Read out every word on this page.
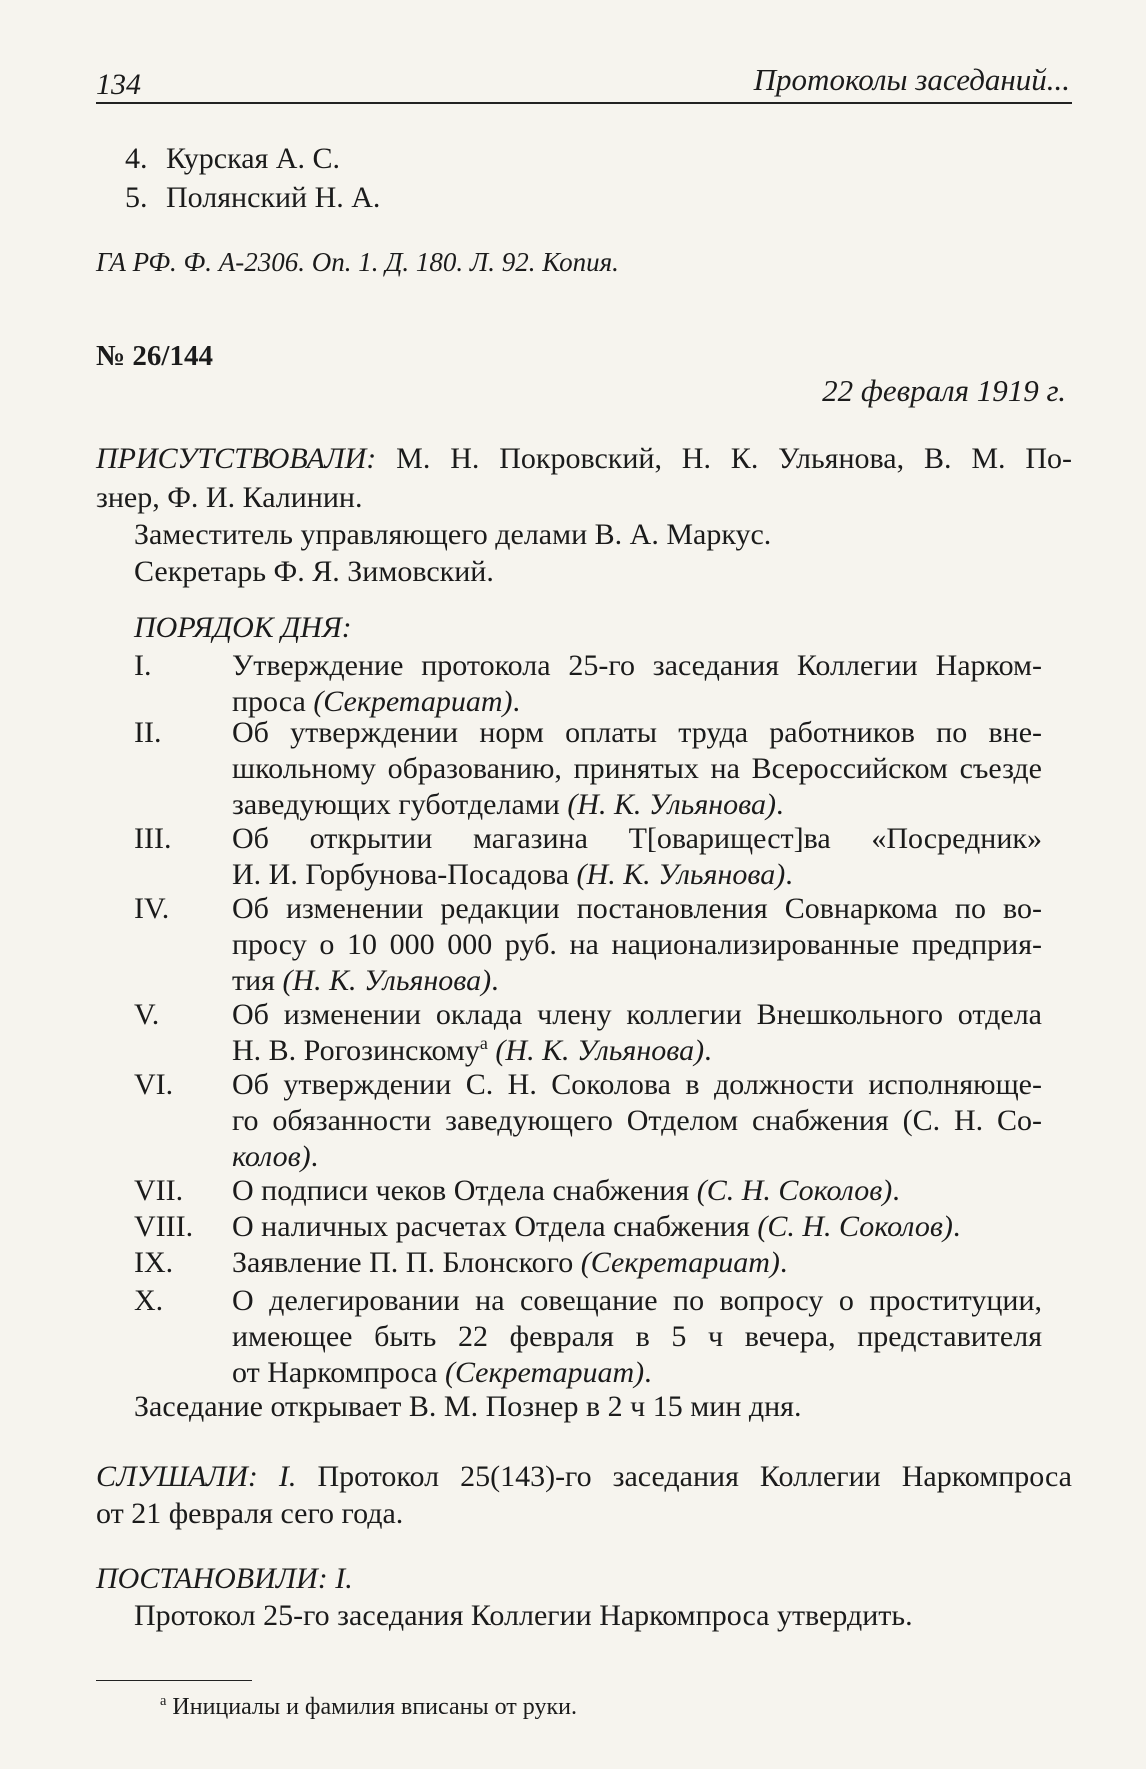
134	Протоколы заседаний...
4. Курская А. С.
5. Полянский Н. А.
ГА РФ. Ф. А-2306. Оп. 1. Д. 180. Л. 92. Копия.
№ 26/144
22 февраля 1919 г.
ПРИСУТСТВОВАЛИ: М. Н. Покровский, Н. К. Ульянова, В. М. По-
знер, Ф. И. Калинин.
Заместитель управляющего делами В. А. Маркус.
Секретарь Ф. Я. Зимовский.
ПОРЯДОК ДНЯ:
I.	Утверждение протокола 25-го заседания Коллегии Нарком-
проса (Секретариат).
II.	Об утверждении норм оплаты труда работников по вне-
школьному образованию, принятых на Всероссийском съезде
заведующих губотделами (Н. К. Ульянова).
III.	Об открытии магазина Т[оварищест]ва «Посредник»
И. И. Горбунова-Посадова (Н. К. Ульянова).
IV.	Об изменении редакции постановления Совнаркома по во-
просу о 10 000 000 руб. на национализированные предприя-
тия (Н. К. Ульянова).
V.	Об изменении оклада члену коллегии Внешкольного отдела
Н. В. Рогозинскому$^а$ (Н. К. Ульянова).
VI.	Об утверждении С. Н. Соколова в должности исполняюще-
го обязанности заведующего Отделом снабжения (С. Н. Со-
колов).
VII.	О подписи чеков Отдела снабжения (С. Н. Соколов).
VIII. О наличных расчетах Отдела снабжения (С. Н. Соколов).
IX.	Заявление П. П. Блонского (Секретариат).
X.	О делегировании на совещание по вопросу о проституции,
имеющее быть 22 февраля в 5 ч вечера, представителя
от Наркомпроса (Секретариат).
Заседание открывает В. М. Познер в 2 ч 15 мин дня.
СЛУШАЛИ: I. Протокол 25(143)-го заседания Коллегии Наркомпроса
от 21 февраля сего года.
ПОСТАНОВИЛИ: I.
Протокол 25-го заседания Коллегии Наркомпроса утвердить.
$^а$ Инициалы и фамилия вписаны от руки.
